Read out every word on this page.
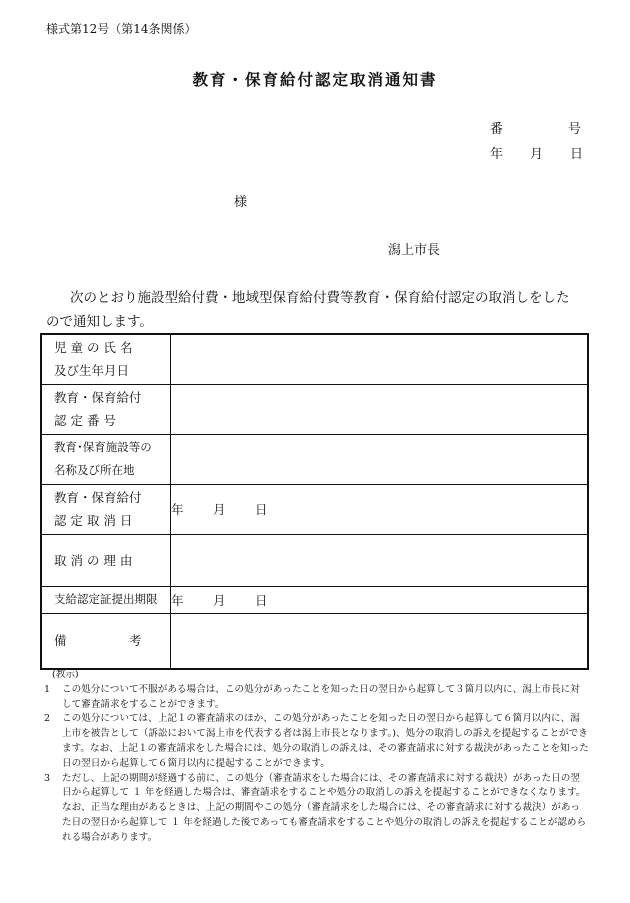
様式第12号（第14条関係）
教育・保育給付認定取消通知書
番	号
年 月 日
様
潟上市長
次のとおり施設型給付費・地域型保育給付費等教育・保育給付認定の取消しをした
ので通知します。
児 童 の 氏 名
及び生年月日	

教育・保育給付
認 定 番 号	

教育･保育施設等の
名称及び所在地	

教育・保育給付
認 定 取 消 日	年 月 日

取 消 の 理 由	

支給認定証提出期限	年 月 日

備　　　　　考	

(教示)
1	この処分について不服がある場合は、この処分があったことを知った日の翌日から起算して３箇月以内に、潟上市長に対して審査請求をすることができます。
2	この処分については、上記１の審査請求のほか、この処分があったことを知った日の翌日から起算して６箇月以内に、潟上市を被告として（訴訟において潟上市を代表する者は潟上市長となります。)、処分の取消しの訴えを提起することができます。なお、上記１の審査請求をした場合には、処分の取消しの訴えは、その審査請求に対する裁決があったことを知った日の翌日から起算して６箇月以内に提起することができます。
3	ただし、上記の期間が経過する前に、この処分（審査請求をした場合には、その審査請求に対する裁決）があった日の翌日から起算して １ 年を経過した場合は、審査請求をすることや処分の取消しの訴えを提起することができなくなります。なお、正当な理由があるときは、上記の期間やこの処分（審査請求をした場合には、その審査請求に対する裁決）があった日の翌日から起算して １ 年を経過した後であっても審査請求をすることや処分の取消しの訴えを提起することが認められる場合があります。
